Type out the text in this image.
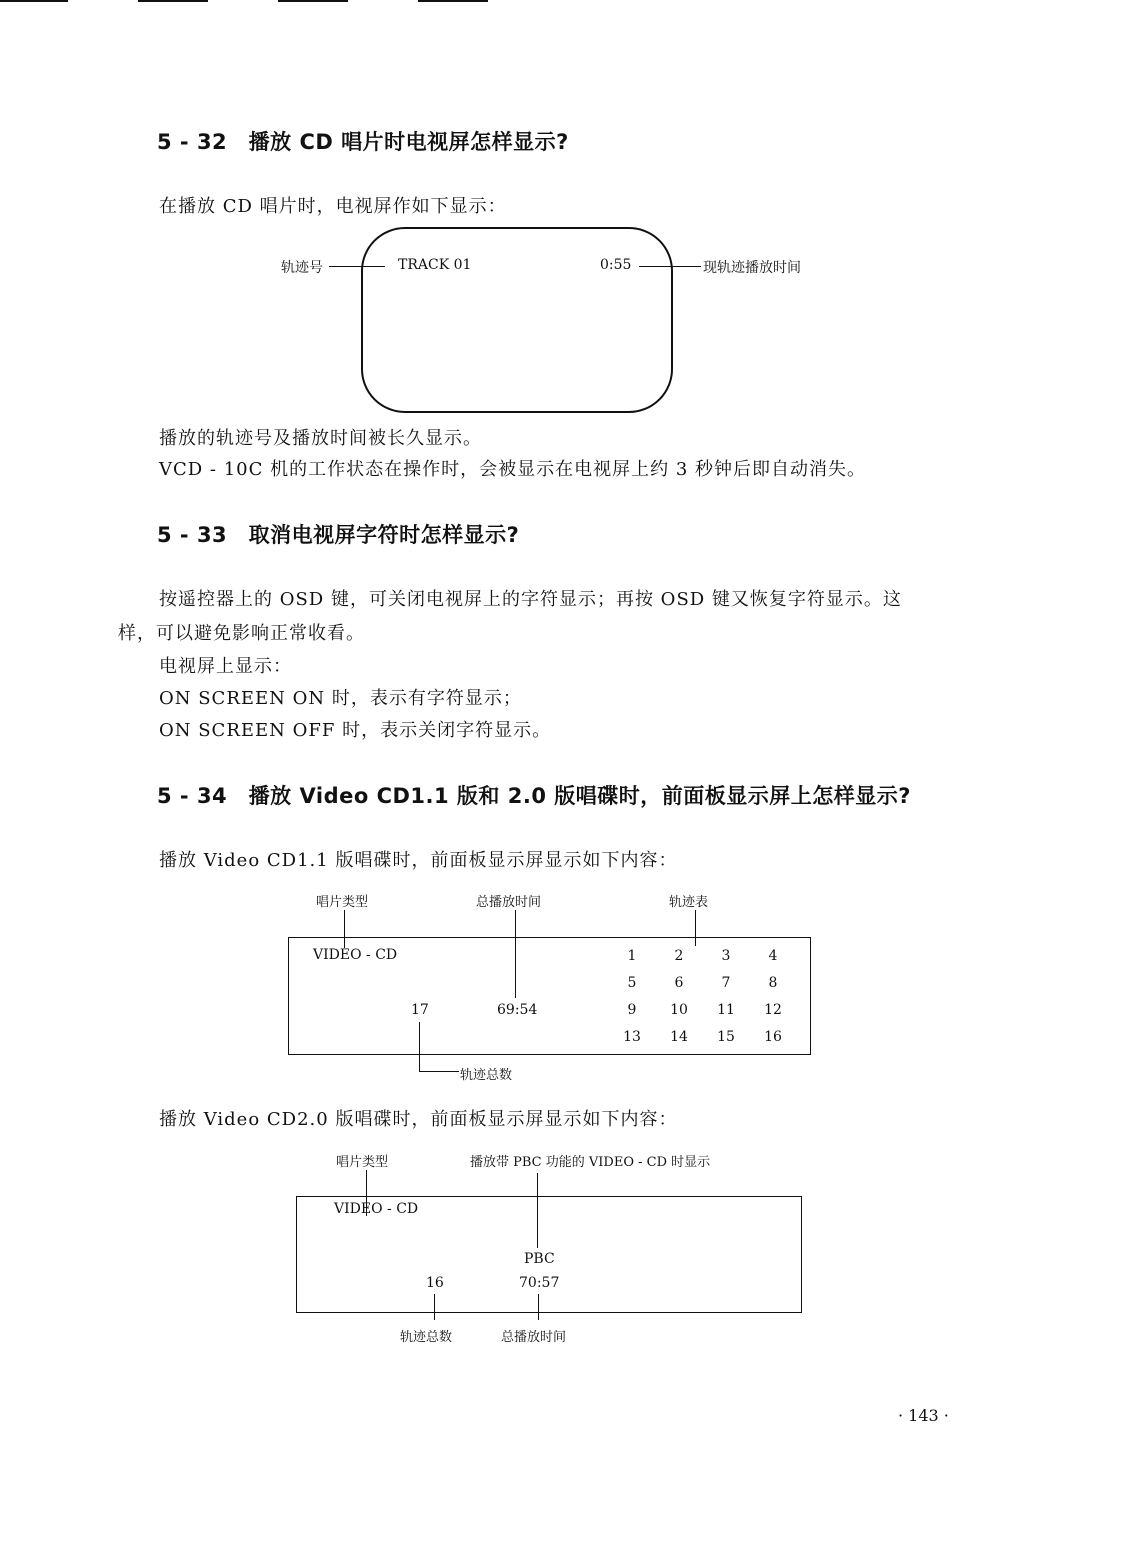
5 - 32　播放 CD 唱片时电视屏怎样显示?
在播放 CD 唱片时，电视屏作如下显示：
轨迹号	TRACK 01	0:55	现轨迹播放时间
播放的轨迹号及播放时间被长久显示。
VCD - 10C 机的工作状态在操作时，会被显示在电视屏上约 3 秒钟后即自动消失。
5 - 33　取消电视屏字符时怎样显示?
按遥控器上的 OSD 键，可关闭电视屏上的字符显示；再按 OSD 键又恢复字符显示。这
样，可以避免影响正常收看。
电视屏上显示：
ON SCREEN ON 时，表示有字符显示；
ON SCREEN OFF 时，表示关闭字符显示。
5 - 34　播放 Video CD1.1 版和 2.0 版唱碟时，前面板显示屏上怎样显示?
播放 Video CD1.1 版唱碟时，前面板显示屏显示如下内容：
唱片类型	总播放时间	轨迹表
VIDEO - CD
17	69:54
1	2	3	4
5	6	7	8
9	10	11	12
13	14	15	16
轨迹总数
播放 Video CD2.0 版唱碟时，前面板显示屏显示如下内容：
唱片类型	播放带 PBC 功能的 VIDEO - CD 时显示
VIDEO - CD
PBC
16	70:57
轨迹总数	总播放时间
· 143 ·
